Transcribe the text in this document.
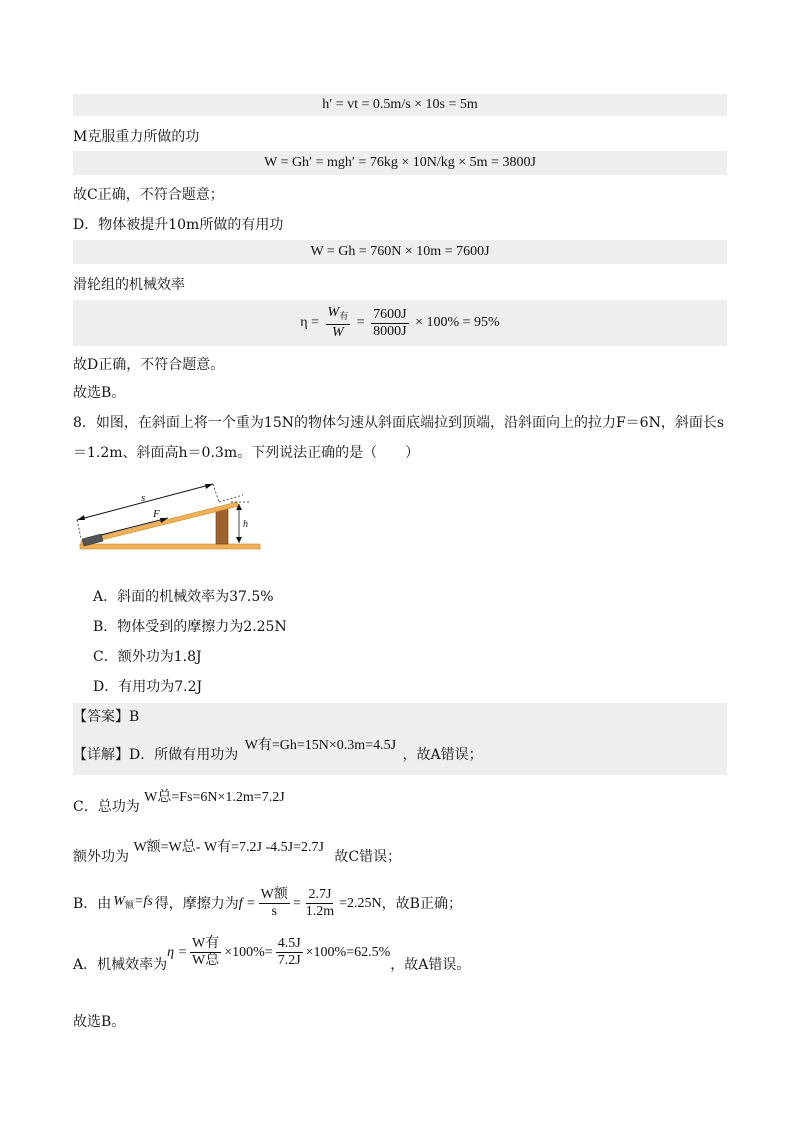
h′ = vt = 0.5m/s × 10s = 5m
M克服重力所做的功
W = Gh′ = mgh′ = 76kg × 10N/kg × 5m = 3800J
故C正确，不符合题意；
D．物体被提升10m所做的有用功
W = Gh = 760N × 10m = 7600J
滑轮组的机械效率
$\eta = \frac{W_有}{W} = \frac{7600J}{8000J} \times 100\% = 95\%$
故D正确，不符合题意。
故选B。
8．如图，在斜面上将一个重为15N的物体匀速从斜面底端拉到顶端，沿斜面向上的拉力F＝6N，斜面长s
＝1.2m、斜面高h＝0.3m。下列说法正确的是（　　）
s
F
h
A．斜面的机械效率为37.5%
B．物体受到的摩擦力为2.25N
C．额外功为1.8J
D．有用功为7.2J
【答案】B
【详解】D．所做有用功为 W有=Gh=15N×0.3m=4.5J ，故A错误；
C．总功为 W总=Fs=6N×1.2m=7.2J
额外功为 W额=W总- W有=7.2J -4.5J=2.7J 故C错误；
B．由 $W_额=fs$ 得，摩擦力为 $f = \frac{\text{W额}}{s} = \frac{2.7J}{1.2m} =2.25N$ ，故B正确；
A．机械效率为
$\eta = \frac{\text{W有}}{\text{W总}} \times 100\%= \frac{4.5J}{7.2J} \times 100\%=62.5\%$
，故A错误。
故选B。
